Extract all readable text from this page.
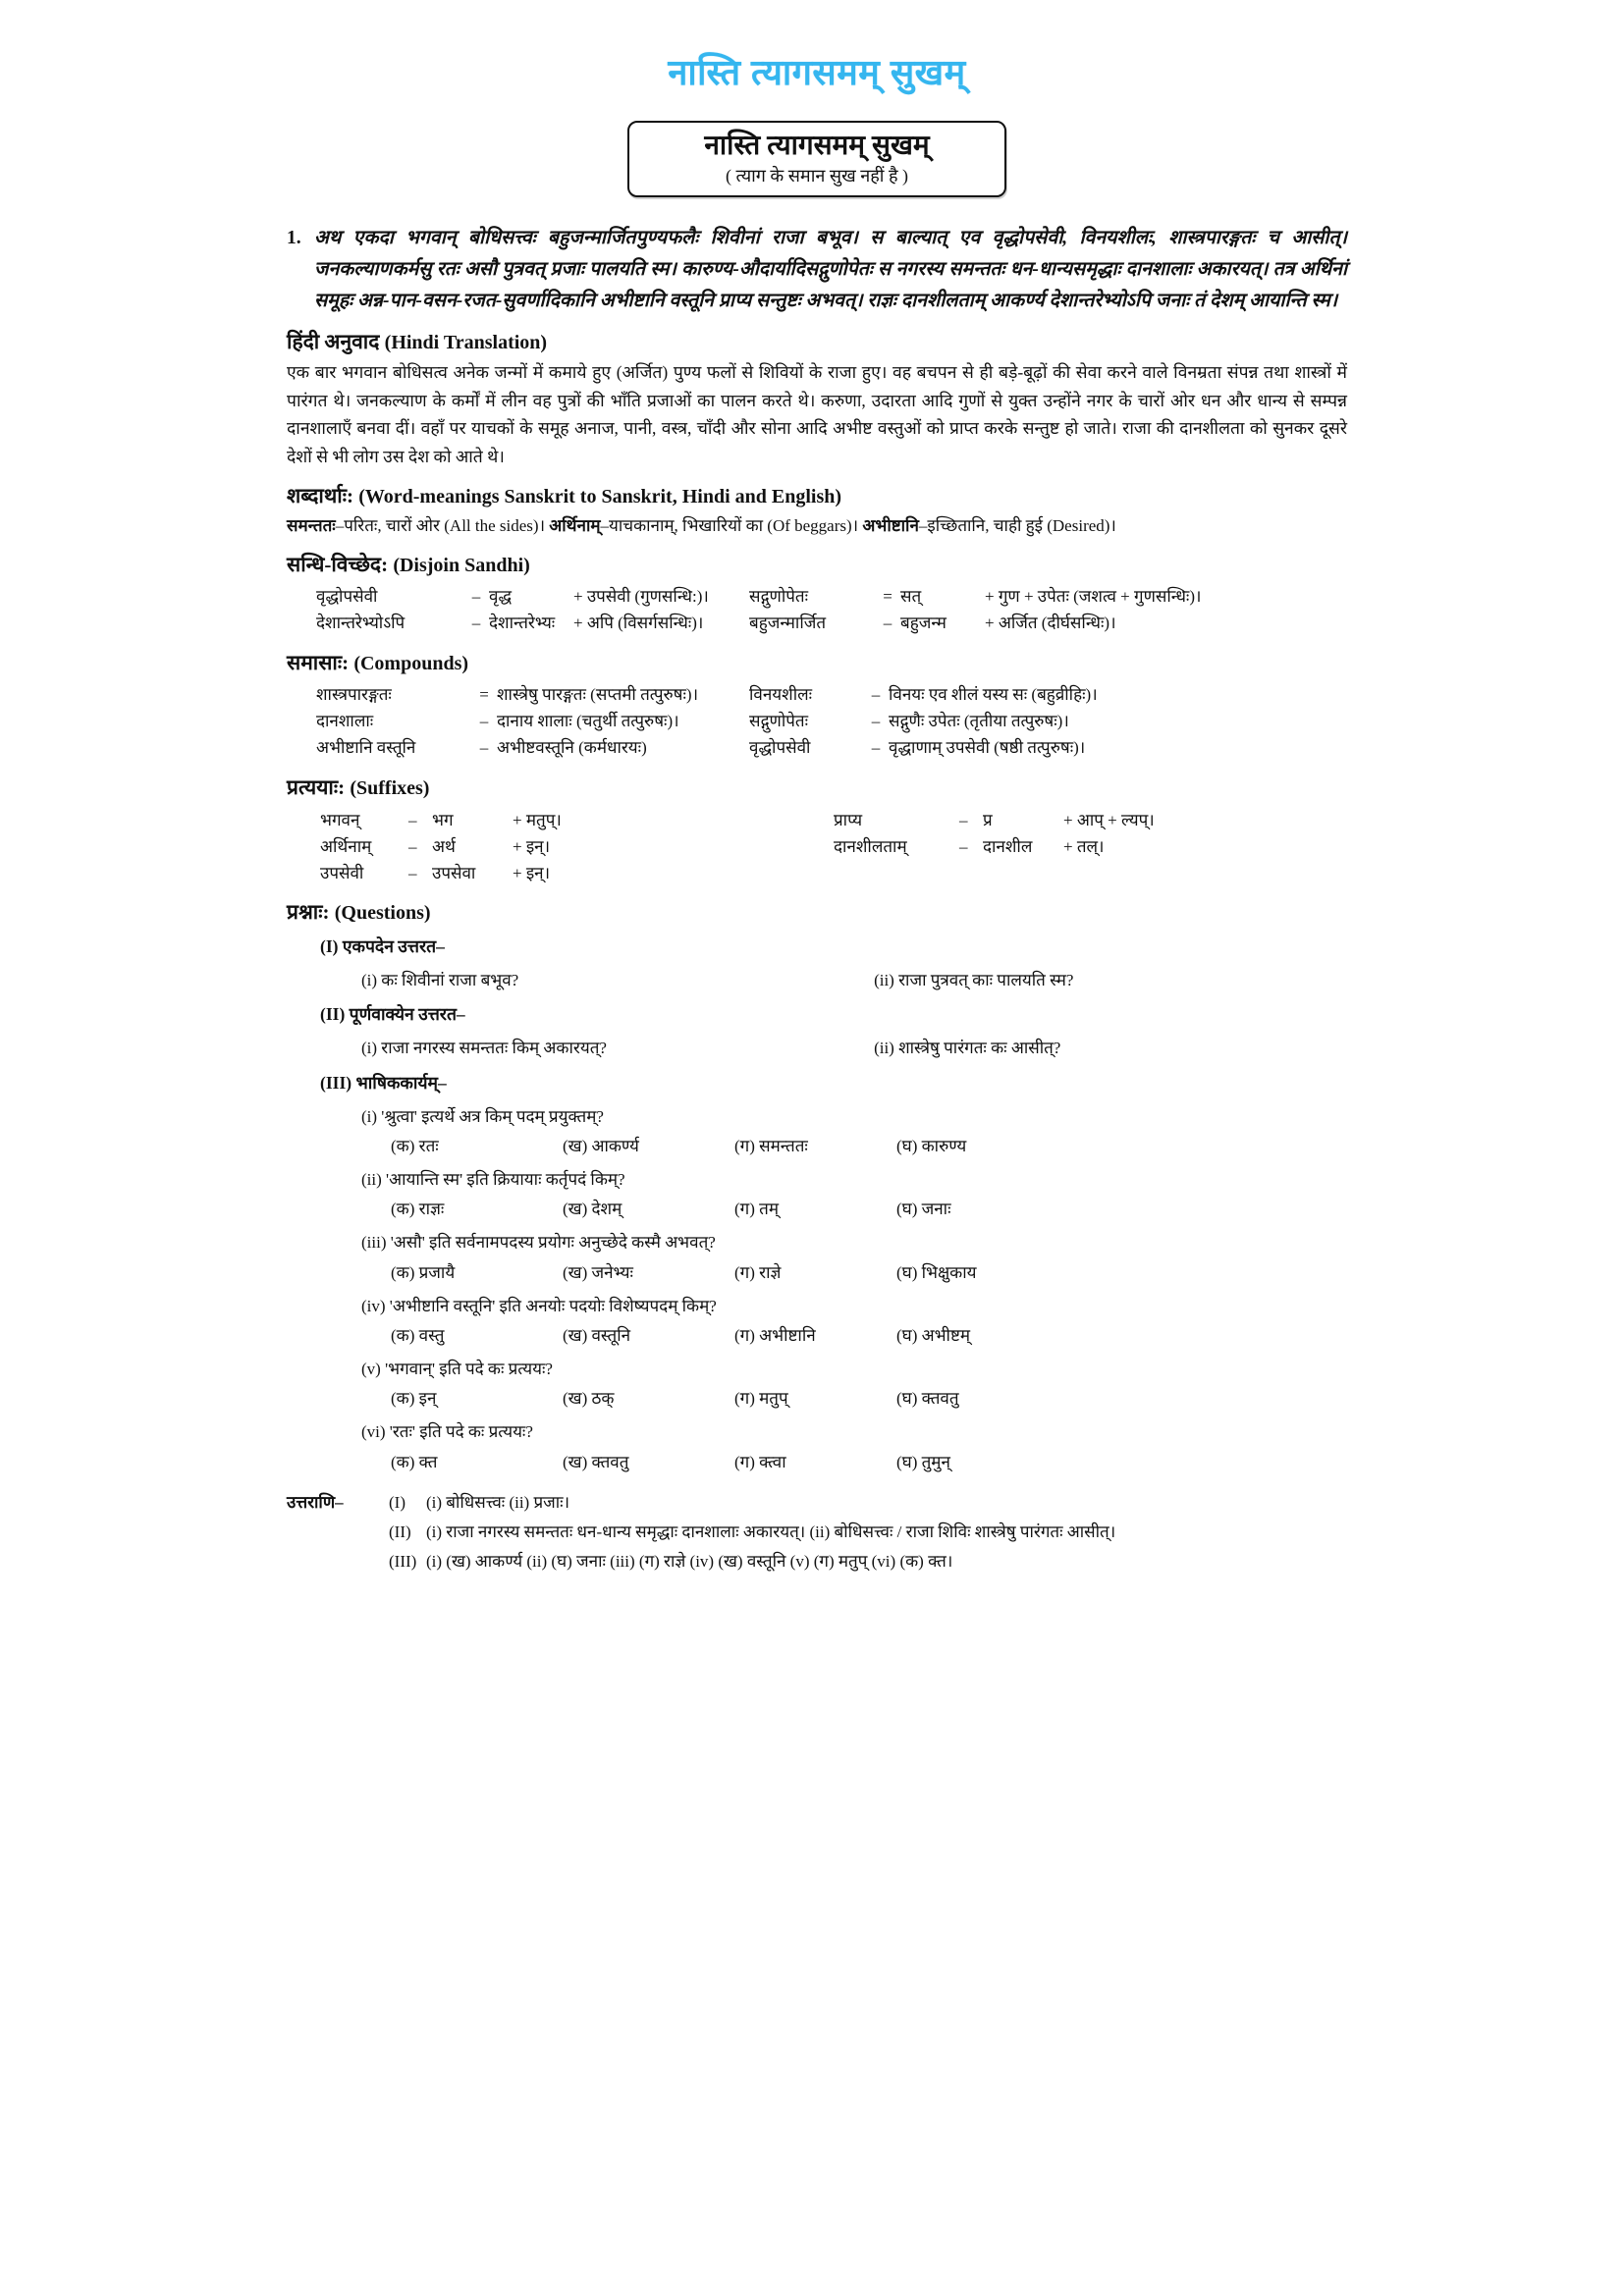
नास्ति त्यागसमम् सुखम्
नास्ति त्यागसमम् सुखम्
( त्याग के समान सुख नहीं है )
1. अथ एकदा भगवान् बोधिसत्त्वः बहुजन्मार्जितपुण्यफलैः शिवीनां राजा बभूव। स बाल्यात् एव वृद्धोपसेवी, विनयशीलः, शास्त्रपारङ्गतः च आसीत्। जनकल्याणकर्मसु रतः असौ पुत्रवत् प्रजाः पालयति स्म। कारुण्य-औदार्यादिसद्गुणोपेतः स नगरस्य समन्ततः धन-धान्यसमृद्धाः दानशालाः अकारयत्। तत्र अर्थिनां समूहः अन्न-पान-वसन-रजत-सुवर्णादिकानि अभीष्टानि वस्तूनि प्राप्य सन्तुष्टः अभवत्। राज्ञः दानशीलताम् आकर्ण्य देशान्तरेभ्योऽपि जनाः तं देशम् आयान्ति स्म।
हिंदी अनुवाद (Hindi Translation)
एक बार भगवान बोधिसत्व अनेक जन्मों में कमाये हुए (अर्जित) पुण्य फलों से शिवियों के राजा हुए। वह बचपन से ही बड़े-बूढ़ों की सेवा करने वाले विनम्रता संपन्न तथा शास्त्रों में पारंगत थे। जनकल्याण के कर्मों में लीन वह पुत्रों की भाँति प्रजाओं का पालन करते थे। करुणा, उदारता आदि गुणों से युक्त उन्होंने नगर के चारों ओर धन और धान्य से सम्पन्न दानशालाएँ बनवा दीं। वहाँ पर याचकों के समूह अनाज, पानी, वस्त्र, चाँदी और सोना आदि अभीष्ट वस्तुओं को प्राप्त करके सन्तुष्ट हो जाते। राजा की दानशीलता को सुनकर दूसरे देशों से भी लोग उस देश को आते थे।
शब्दार्थाः: (Word-meanings Sanskrit to Sanskrit, Hindi and English)
समन्ततः–परितः, चारों ओर (All the sides)। अर्थिनाम्–याचकानाम्, भिखारियों का (Of beggars)। अभीष्टानि–इच्छितानि, चाही हुई (Desired)।
सन्धि-विच्छेद: (Disjoin Sandhi)
वृद्धोपसेवी	– वृद्ध	+ उपसेवी (गुणसन्धि:)। सद्गुणोपेतः	= सत्	+ गुण + उपेतः (जशत्व + गुणसन्धिः)।
देशान्तरेभ्योऽपि	– देशान्तरेभ्यः	+ अपि (विसर्गसन्धिः)।	बहुजन्मार्जित	– बहुजन्म	+ अर्जित (दीर्घसन्धिः)।
समासाः: (Compounds)
शास्त्रपारङ्गतः	= शास्त्रेषु पारङ्गतः (सप्तमी तत्पुरुषः)।	विनयशीलः	– विनयः एव शीलं यस्य सः (बहुव्रीहिः)।
दानशालाः	– दानाय शालाः (चतुर्थी तत्पुरुषः)।	सद्गुणोपेतः	– सद्गुणैः उपेतः (तृतीया तत्पुरुषः)।
अभीष्टानि वस्तूनि	– अभीष्टवस्तूनि (कर्मधारयः)	वृद्धोपसेवी	– वृद्धाणाम् उपसेवी (षष्ठी तत्पुरुषः)।
प्रत्ययाः: (Suffixes)
भगवन्	– भग	+ मतुप्।	प्राप्य	– प्र	+ आप् + ल्यप्।
अर्थिनाम्	– अर्थ	+ इन्।	दानशीलताम्	– दानशील	+ तल्।
उपसेवी	– उपसेवा	+ इन्।
प्रश्नाः: (Questions)
(I) एकपदेन उत्तरत–
(i) कः शिवीनां राजा बभूव?	(ii) राजा पुत्रवत् काः पालयति स्म?
(II) पूर्णवाक्येन उत्तरत–
(i) राजा नगरस्य समन्ततः किम् अकारयत्?	(ii) शास्त्रेषु पारंगतः कः आसीत्?
(III) भाषिककार्यम्–
(i) 'श्रुत्वा' इत्यर्थे अत्र किम् पदम् प्रयुक्तम्?
(क) रतः	(ख) आकर्ण्य	(ग) समन्ततः	(घ) कारुण्य
(ii) 'आयान्ति स्म' इति क्रियायाः कर्तृपदं किम्?
(क) राज्ञः	(ख) देशम्	(ग) तम्	(घ) जनाः
(iii) 'असौ' इति सर्वनामपदस्य प्रयोगः अनुच्छेदे कस्मै अभवत्?
(क) प्रजायै	(ख) जनेभ्यः	(ग) राज्ञे	(घ) भिक्षुकाय
(iv) 'अभीष्टानि वस्तूनि' इति अनयोः पदयोः विशेष्यपदम् किम्?
(क) वस्तु	(ख) वस्तूनि	(ग) अभीष्टानि	(घ) अभीष्टम्
(v) 'भगवान्' इति पदे कः प्रत्ययः?
(क) इन्	(ख) ठक्	(ग) मतुप्	(घ) क्तवतु
(vi) 'रतः' इति पदे कः प्रत्ययः?
(क) क्त	(ख) क्तवतु	(ग) क्त्वा	(घ) तुमुन्
उत्तराणि–	(I)	(i) बोधिसत्त्वः (ii) प्रजाः।
(II) (i) राजा नगरस्य समन्ततः धन-धान्य समृद्धाः दानशालाः अकारयत्। (ii) बोधिसत्त्वः / राजा शिविः शास्त्रेषु पारंगतः आसीत्।
(III) (i) (ख) आकर्ण्य (ii) (घ) जनाः (iii) (ग) राज्ञे (iv) (ख) वस्तूनि (v) (ग) मतुप् (vi) (क) क्त।
